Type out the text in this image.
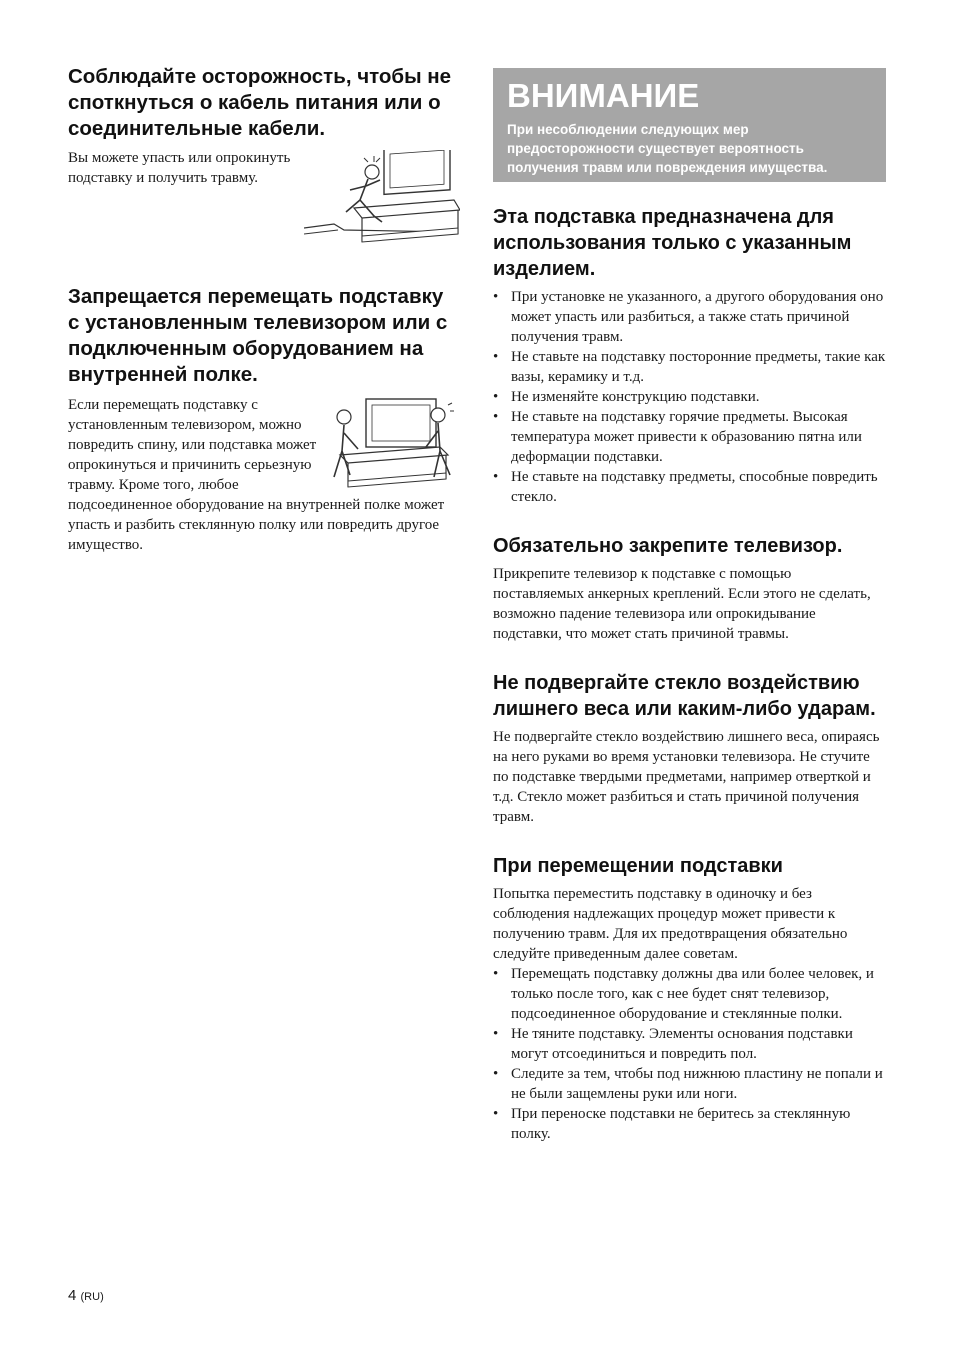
Соблюдайте осторожность, чтобы не споткнуться о кабель питания или о соединительные кабели.

Вы можете упасть или опрокинуть подставку и получить травму.

Запрещается перемещать подставку с установленным телевизором или с подключенным оборудованием на внутренней полке.

Если перемещать подставку с установленным телевизором, можно повредить спину, или подставка может опрокинуться и причинить серьезную травму. Кроме того, любое подсоединенное оборудование на внутренней полке может упасть и разбить стеклянную полку или повредить другое имущество.

ВНИМАНИЕ
При несоблюдении следующих мер предосторожности существует вероятность получения травм или повреждения имущества.
Эта подставка предназначена для использования только с указанным изделием.
• При установке не указанного, а другого оборудования оно может упасть или разбиться, а также стать причиной получения травм.
• Не ставьте на подставку посторонние предметы, такие как вазы, керамику и т.д.
• Не изменяйте конструкцию подставки.
• Не ставьте на подставку горячие предметы. Высокая температура может привести к образованию пятна или деформации подставки.
• Не ставьте на подставку предметы, способные повредить стекло.
Обязательно закрепите телевизор.

Прикрепите телевизор к подставке с помощью поставляемых анкерных креплений. Если этого не сделать, возможно падение телевизора или опрокидывание подставки, что может стать причиной травмы.

Не подвергайте стекло воздействию лишнего веса или каким-либо ударам.

Не подвергайте стекло воздействию лишнего веса, опираясь на него руками во время установки телевизора. Не стучите по подставке твердыми предметами, например отверткой и т.д. Стекло может разбиться и стать причиной получения травм.

При перемещении подставки

Попытка переместить подставку в одиночку и без соблюдения надлежащих процедур может привести к получению травм. Для их предотвращения обязательно следуйте приведенным далее советам.

• Перемещать подставку должны два или более человек, и только после того, как с нее будет снят телевизор, подсоединенное оборудование и стеклянные полки.
• Не тяните подставку. Элементы основания подставки могут отсоединиться и повредить пол.
• Следите за тем, чтобы под нижнюю пластину не попали и не были защемлены руки или ноги.
• При переноске подставки не беритесь за стеклянную полку.
4 (RU)
